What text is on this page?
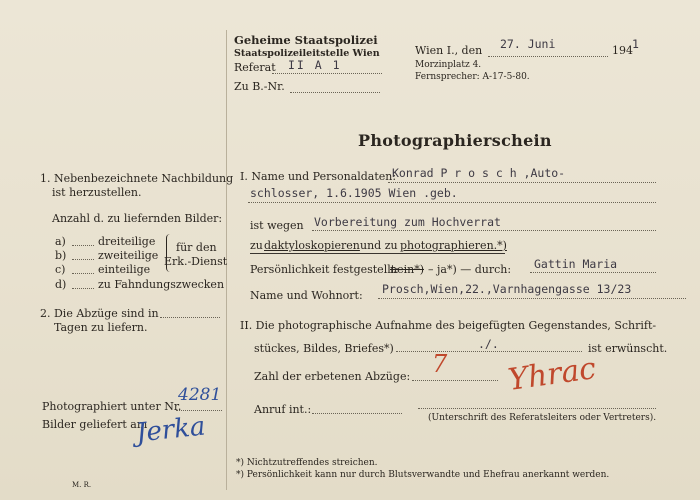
Geheime Staatspolizei
Staatspolizeileitstelle Wien
Referat II A 1
Zu B.-Nr.
Wien I., den 27. Juni	194 1
Morzinplatz 4.
Fernsprecher: A-17-5-80.
Photographierschein
1. Nebenbezeichnete Nachbildung
ist herzustellen.
Anzahl d. zu liefernden Bilder:
a)	dreiteilige
b)	zweiteilige
c)	einteilige
d)	zu Fahndungszwecken
für den
Erk.-Dienst
2. Die Abzüge sind in
Tagen zu liefern.
Photographiert unter Nr.
4281
Bilder geliefert am
Jerka
M. R.
I. Name und Personaldaten:
Konrad P r o s c h ,Auto-
schlosser, 1.6.1905 Wien .geb.
ist wegen Vorbereitung zum Hochverrat
zu daktyloskopieren und zu photographieren.*)
Persönlichkeit festgestellt:
nein*) – ja*) — durch: Gattin Maria
Name und Wohnort: Prosch,Wien,22.,Varnhagengasse 13/23
II. Die photographische Aufnahme des beigefügten Gegenstandes, Schrift-
stückes, Bildes, Briefes*)	./.	ist erwünscht.
Zahl der erbetenen Abzüge: 7
Anruf int.:
Yhrac
(Unterschrift des Referatsleiters oder Vertreters).
*) Nichtzutreffendes streichen.
*) Persönlichkeit kann nur durch Blutsverwandte und Ehefrau anerkannt werden.
